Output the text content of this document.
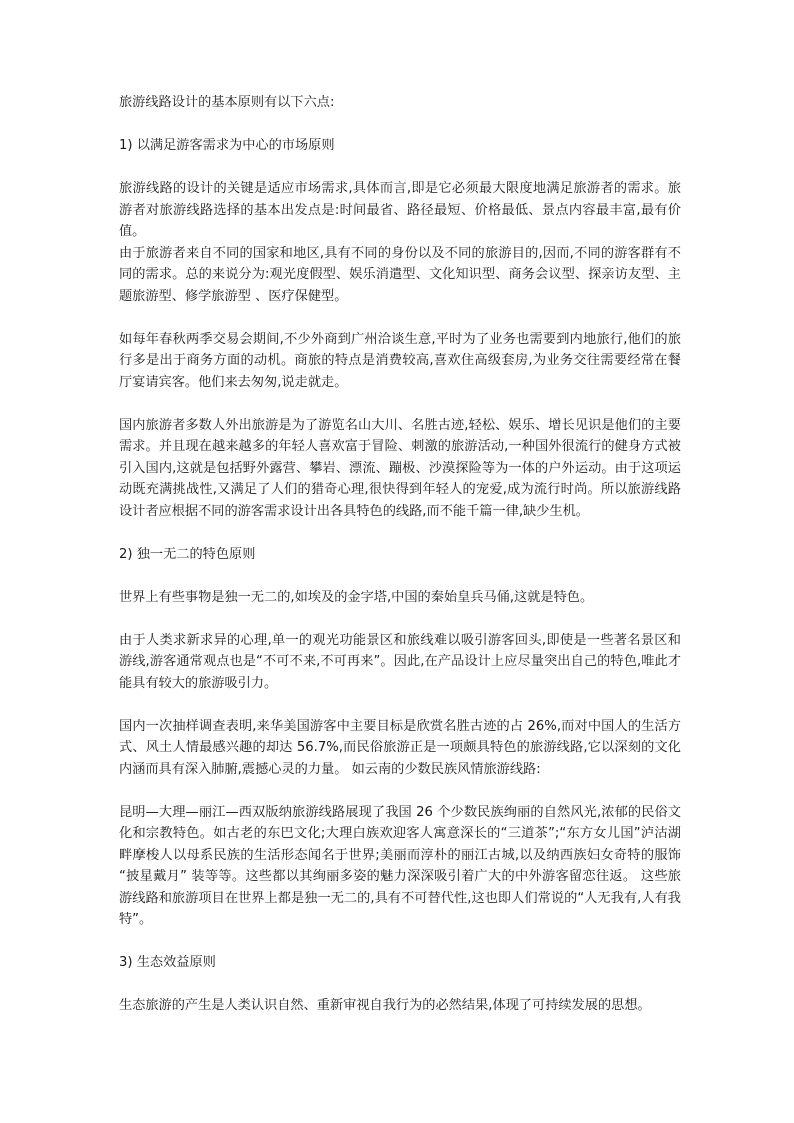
旅游线路设计的基本原则有以下六点:

1) 以满足游客需求为中心的市场原则

旅游线路的设计的关键是适应市场需求,具体而言,即是它必须最大限度地满足旅游者的需求。旅游者对旅游线路选择的基本出发点是:时间最省、路径最短、价格最低、景点内容最丰富,最有价值。

由于旅游者来自不同的国家和地区,具有不同的身份以及不同的旅游目的,因而,不同的游客群有不同的需求。总的来说分为:观光度假型、娱乐消遣型、文化知识型、商务会议型、探亲访友型、主题旅游型、修学旅游型 、医疗保健型。

如每年春秋两季交易会期间,不少外商到广州洽谈生意,平时为了业务也需要到内地旅行,他们的旅行多是出于商务方面的动机。商旅的特点是消费较高,喜欢住高级套房,为业务交往需要经常在餐厅宴请宾客。他们来去匆匆,说走就走。

国内旅游者多数人外出旅游是为了游览名山大川、名胜古迹,轻松、娱乐、增长见识是他们的主要需求。并且现在越来越多的年轻人喜欢富于冒险、刺激的旅游活动,一种国外很流行的健身方式被引入国内,这就是包括野外露营、攀岩、漂流、蹦极、沙漠探险等为一体的户外运动。由于这项运动既充满挑战性,又满足了人们的猎奇心理,很快得到年轻人的宠爱,成为流行时尚。所以旅游线路设计者应根据不同的游客需求设计出各具特色的线路,而不能千篇一律,缺少生机。

2) 独一无二的特色原则

世界上有些事物是独一无二的,如埃及的金字塔,中国的秦始皇兵马俑,这就是特色。

由于人类求新求异的心理,单一的观光功能景区和旅线难以吸引游客回头,即使是一些著名景区和游线,游客通常观点也是“不可不来,不可再来”。因此,在产品设计上应尽量突出自己的特色,唯此才能具有较大的旅游吸引力。

国内一次抽样调查表明,来华美国游客中主要目标是欣赏名胜古迹的占 26%,而对中国人的生活方式、风土人情最感兴趣的却达 56.7%,而民俗旅游正是一项颇具特色的旅游线路,它以深刻的文化内涵而具有深入肺腑,震撼心灵的力量。 如云南的少数民族风情旅游线路:

昆明—大理—丽江—西双版纳旅游线路展现了我国 26 个少数民族绚丽的自然风光,浓郁的民俗文化和宗教特色。如古老的东巴文化;大理白族欢迎客人寓意深长的“三道茶”;“东方女儿国”泸沽湖畔摩梭人以母系民族的生活形态闻名于世界;美丽而淳朴的丽江古城,以及纳西族妇女奇特的服饰 “披星戴月” 装等等。这些都以其绚丽多姿的魅力深深吸引着广大的中外游客留恋往返。 这些旅游线路和旅游项目在世界上都是独一无二的,具有不可替代性,这也即人们常说的“人无我有,人有我特”。

3) 生态效益原则

生态旅游的产生是人类认识自然、重新审视自我行为的必然结果,体现了可持续发展的思想。
